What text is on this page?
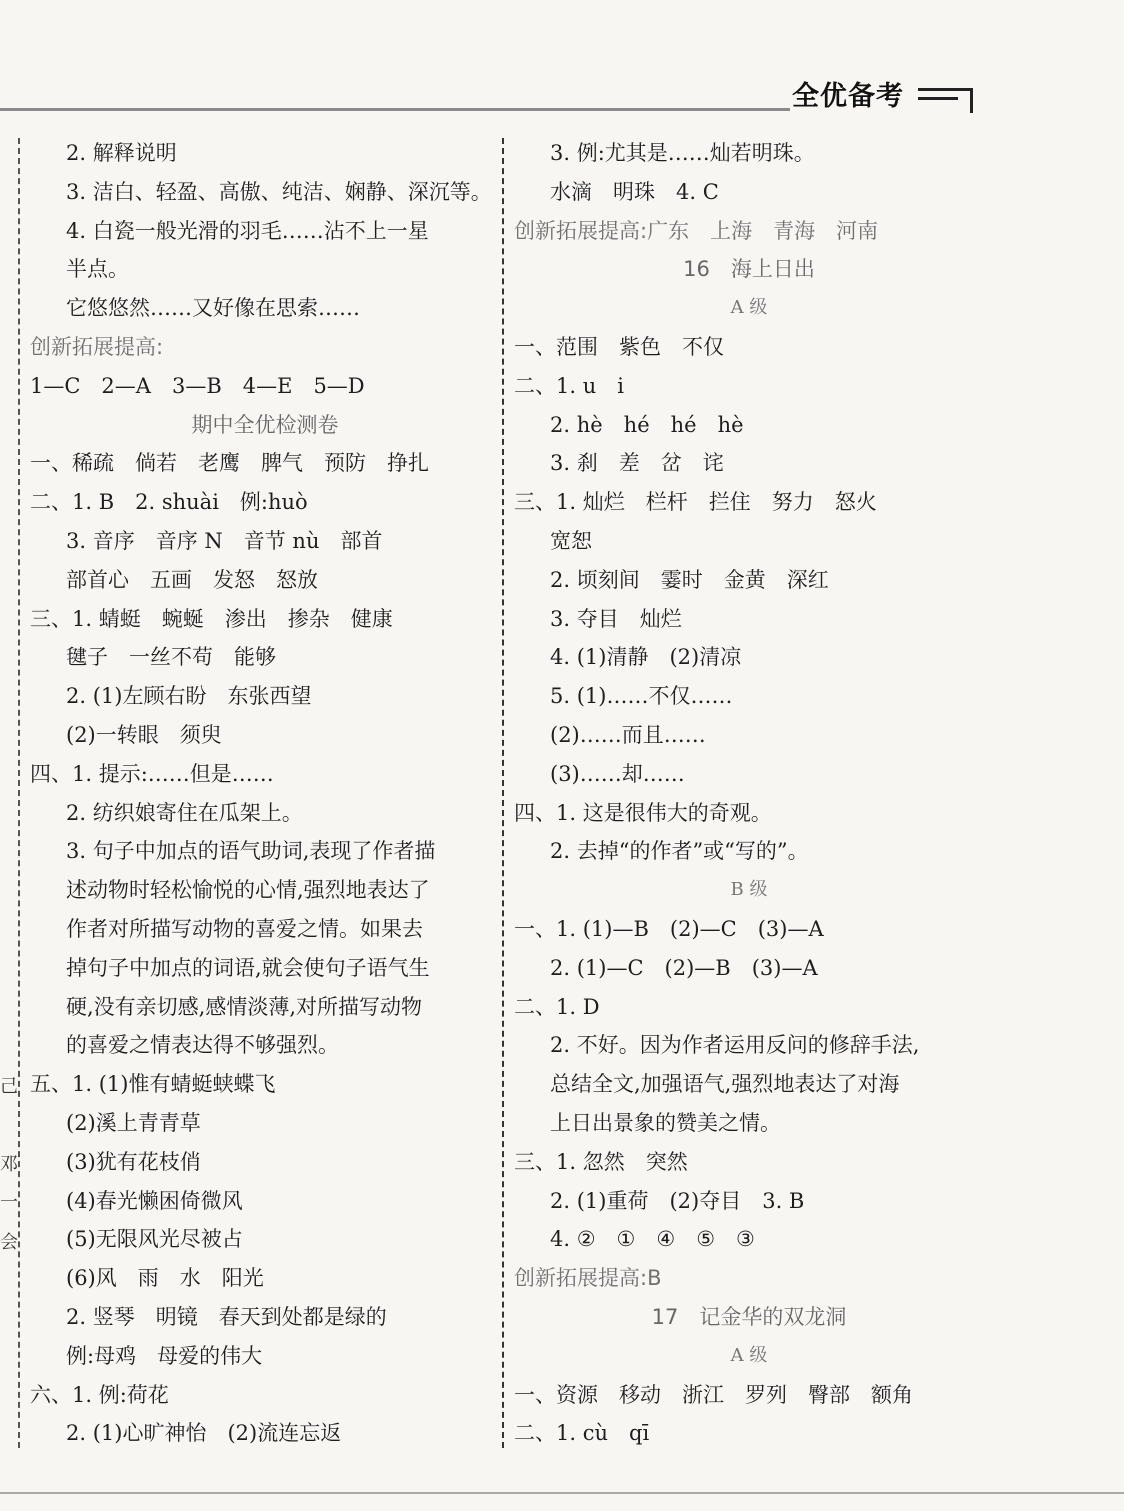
全优备考
己
邓
一
会
2. 解释说明
3. 洁白、轻盈、高傲、纯洁、娴静、深沉等。
4. 白瓷一般光滑的羽毛……沾不上一星
半点。
它悠悠然……又好像在思索……
创新拓展提高:
1—C　2—A　3—B　4—E　5—D
期中全优检测卷
一、稀疏　倘若　老鹰　脾气　预防　挣扎
二、1. B　2. shuài　例:huò
3. 音序　音序 N　音节 nù　部首
部首心　五画　发怒　怒放
三、1. 蜻蜓　蜿蜒　渗出　掺杂　健康
毽子　一丝不苟　能够
2. (1)左顾右盼　东张西望
(2)一转眼　须臾
四、1. 提示:……但是……
2. 纺织娘寄住在瓜架上。
3. 句子中加点的语气助词,表现了作者描
述动物时轻松愉悦的心情,强烈地表达了
作者对所描写动物的喜爱之情。如果去
掉句子中加点的词语,就会使句子语气生
硬,没有亲切感,感情淡薄,对所描写动物
的喜爱之情表达得不够强烈。
五、1. (1)惟有蜻蜓蛱蝶飞
(2)溪上青青草
(3)犹有花枝俏
(4)春光懒困倚微风
(5)无限风光尽被占
(6)风　雨　水　阳光
2. 竖琴　明镜　春天到处都是绿的
例:母鸡　母爱的伟大
六、1. 例:荷花
2. (1)心旷神怡　(2)流连忘返
3. 例:尤其是……灿若明珠。
水滴　明珠　4. C
创新拓展提高:广东　上海　青海　河南
16　海上日出
A 级
一、范围　紫色　不仅
二、1. u　i
2. hè　hé　hé　hè
3. 刹　差　岔　诧
三、1. 灿烂　栏杆　拦住　努力　怒火
宽恕
2. 顷刻间　霎时　金黄　深红
3. 夺目　灿烂
4. (1)清静　(2)清凉
5. (1)……不仅……
(2)……而且……
(3)……却……
四、1. 这是很伟大的奇观。
2. 去掉“的作者”或“写的”。
B 级
一、1. (1)—B　(2)—C　(3)—A
2. (1)—C　(2)—B　(3)—A
二、1. D
2. 不好。因为作者运用反问的修辞手法,
总结全文,加强语气,强烈地表达了对海
上日出景象的赞美之情。
三、1. 忽然　突然
2. (1)重荷　(2)夺目　3. B
4. ②　①　④　⑤　③
创新拓展提高:B
17　记金华的双龙洞
A 级
一、资源　移动　浙江　罗列　臀部　额角
二、1. cù　qī
